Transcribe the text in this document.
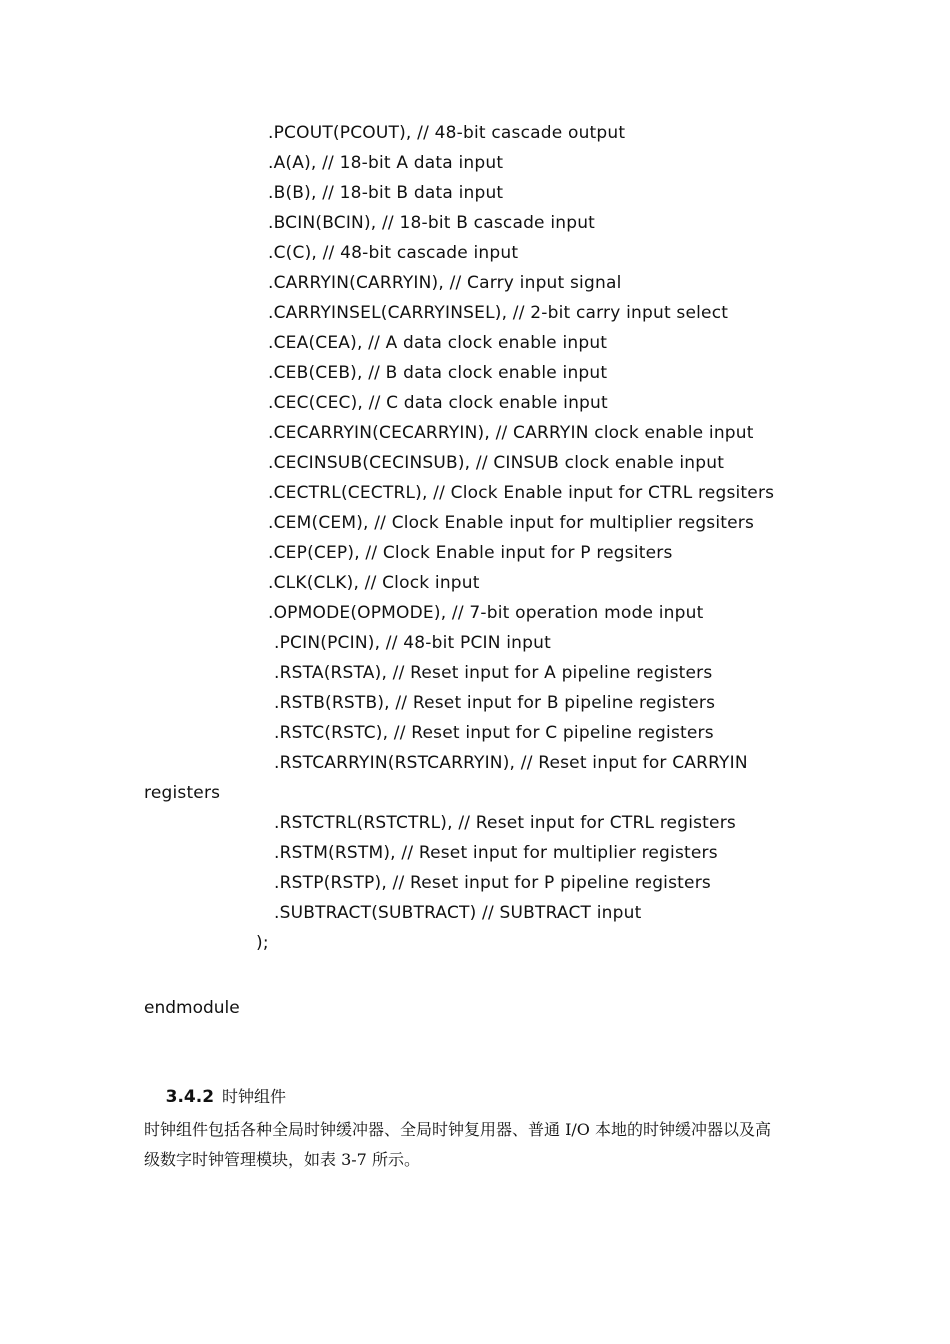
.PCOUT(PCOUT), // 48-bit cascade output
.A(A), // 18-bit A data input
.B(B), // 18-bit B data input
.BCIN(BCIN), // 18-bit B cascade input
.C(C), // 48-bit cascade input
.CARRYIN(CARRYIN), // Carry input signal
.CARRYINSEL(CARRYINSEL), // 2-bit carry input select
.CEA(CEA), // A data clock enable input
.CEB(CEB), // B data clock enable input
.CEC(CEC), // C data clock enable input
.CECARRYIN(CECARRYIN), // CARRYIN clock enable input
.CECINSUB(CECINSUB), // CINSUB clock enable input
.CECTRL(CECTRL), // Clock Enable input for CTRL regsiters
.CEM(CEM), // Clock Enable input for multiplier regsiters
.CEP(CEP), // Clock Enable input for P regsiters
.CLK(CLK), // Clock input
.OPMODE(OPMODE), // 7-bit operation mode input
.PCIN(PCIN), // 48-bit PCIN input
.RSTA(RSTA), // Reset input for A pipeline registers
.RSTB(RSTB), // Reset input for B pipeline registers
.RSTC(RSTC), // Reset input for C pipeline registers
.RSTCARRYIN(RSTCARRYIN), // Reset input for CARRYIN
registers
.RSTCTRL(RSTCTRL), // Reset input for CTRL registers
.RSTM(RSTM), // Reset input for multiplier registers
.RSTP(RSTP), // Reset input for P pipeline registers
.SUBTRACT(SUBTRACT) // SUBTRACT input
);
endmodule

3.4.2 时钟组件

时钟组件包括各种全局时钟缓冲器、全局时钟复用器、普通 I/O 本地的时钟缓冲器以及高
级数字时钟管理模块，如表 3-7 所示。
